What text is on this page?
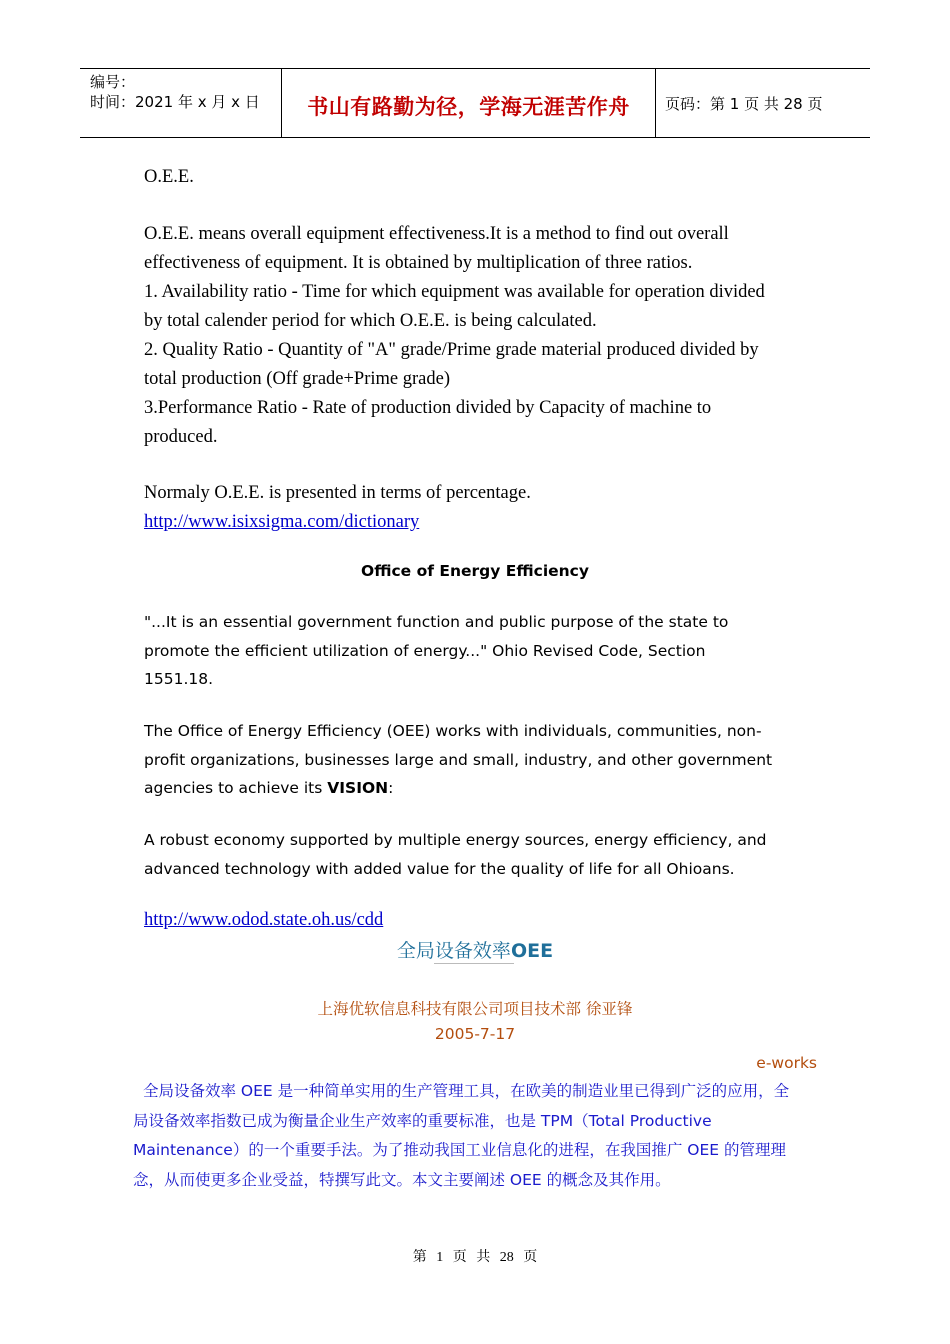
编号：
时间：2021 年 x 月 x 日	书山有路勤为径，学海无涯苦作舟	页码：第 1 页 共 28 页
O.E.E.
O.E.E. means overall equipment effectiveness.It is a method to find out overall
effectiveness of equipment. It is obtained by multiplication of three ratios.
1. Availability ratio - Time for which equipment was available for operation divided
by total calender period for which O.E.E. is being calculated.
2. Quality Ratio - Quantity of "A" grade/Prime grade material produced divided by
total production (Off grade+Prime grade)
3.Performance Ratio - Rate of production divided by Capacity of machine to
produced.
Normaly O.E.E. is presented in terms of percentage.
http://www.isixsigma.com/dictionary
Office of Energy Efficiency
"...It is an essential government function and public purpose of the state to
promote the efficient utilization of energy..." Ohio Revised Code, Section
1551.18.
The Office of Energy Efficiency (OEE) works with individuals, communities, non-
profit organizations, businesses large and small, industry, and other government
agencies to achieve its VISION:
A robust economy supported by multiple energy sources, energy efficiency, and
advanced technology with added value for the quality of life for all Ohioans.
http://www.odod.state.oh.us/cdd
全局设备效率OEE
上海优软信息科技有限公司项目技术部 徐亚锋
2005-7-17
e-works
全局设备效率 OEE 是一种简单实用的生产管理工具，在欧美的制造业里已得到广泛的应用，全
局设备效率指数已成为衡量企业生产效率的重要标准，也是 TPM（Total Productive
Maintenance）的一个重要手法。为了推动我国工业信息化的进程，在我国推广 OEE 的管理理
念，从而使更多企业受益，特撰写此文。本文主要阐述 OEE 的概念及其作用。
第 1 页 共 28 页
